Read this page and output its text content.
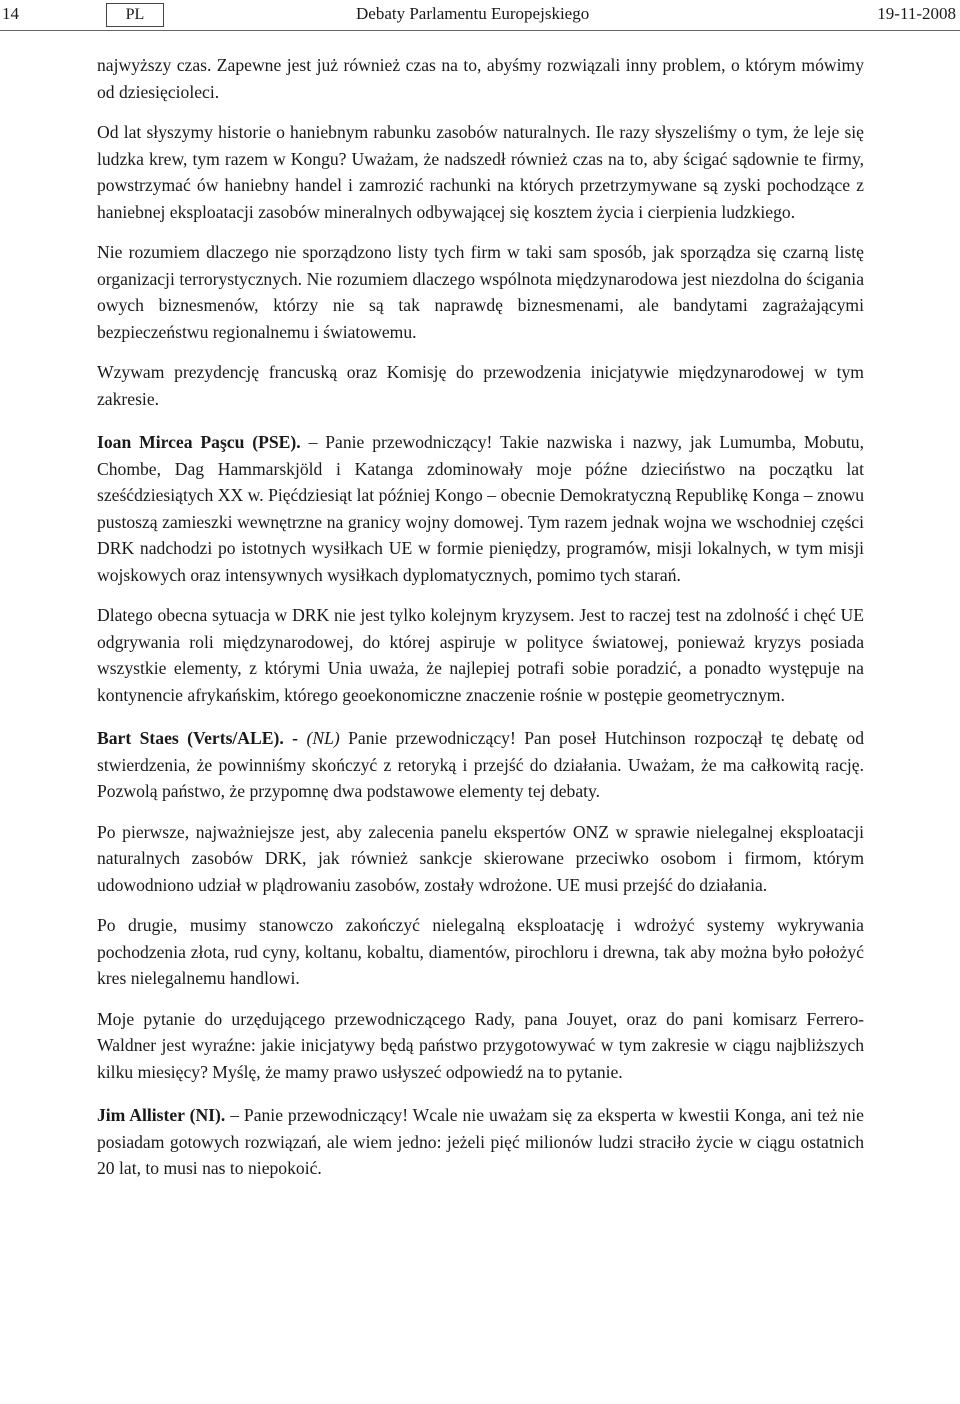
14	PL	Debaty Parlamentu Europejskiego	19-11-2008

najwyższy czas. Zapewne jest już również czas na to, abyśmy rozwiązali inny problem, o którym mówimy od dziesięcioleci.

Od lat słyszymy historie o haniebnym rabunku zasobów naturalnych. Ile razy słyszeliśmy o tym, że leje się ludzka krew, tym razem w Kongu? Uważam, że nadszedł również czas na to, aby ścigać sądownie te firmy, powstrzymać ów haniebny handel i zamrozić rachunki na których przetrzymywane są zyski pochodzące z haniebnej eksploatacji zasobów mineralnych odbywającej się kosztem życia i cierpienia ludzkiego.

Nie rozumiem dlaczego nie sporządzono listy tych firm w taki sam sposób, jak sporządza się czarną listę organizacji terrorystycznych. Nie rozumiem dlaczego wspólnota międzynarodowa jest niezdolna do ścigania owych biznesmenów, którzy nie są tak naprawdę biznesmenami, ale bandytami zagrażającymi bezpieczeństwu regionalnemu i światowemu.

Wzywam prezydencję francuską oraz Komisję do przewodzenia inicjatywie międzynarodowej w tym zakresie.

Ioan Mircea Paşcu (PSE). – Panie przewodniczący! Takie nazwiska i nazwy, jak Lumumba, Mobutu, Chombe, Dag Hammarskjöld i Katanga zdominowały moje późne dzieciństwo na początku lat sześćdziesiątych XX w. Pięćdziesiąt lat później Kongo – obecnie Demokratyczną Republikę Konga – znowu pustoszą zamieszki wewnętrzne na granicy wojny domowej. Tym razem jednak wojna we wschodniej części DRK nadchodzi po istotnych wysiłkach UE w formie pieniędzy, programów, misji lokalnych, w tym misji wojskowych oraz intensywnych wysiłkach dyplomatycznych, pomimo tych starań.

Dlatego obecna sytuacja w DRK nie jest tylko kolejnym kryzysem. Jest to raczej test na zdolność i chęć UE odgrywania roli międzynarodowej, do której aspiruje w polityce światowej, ponieważ kryzys posiada wszystkie elementy, z którymi Unia uważa, że najlepiej potrafi sobie poradzić, a ponadto występuje na kontynencie afrykańskim, którego geoekonomiczne znaczenie rośnie w postępie geometrycznym.

Bart Staes (Verts/ALE). - (NL) Panie przewodniczący! Pan poseł Hutchinson rozpoczął tę debatę od stwierdzenia, że powinniśmy skończyć z retoryką i przejść do działania. Uważam, że ma całkowitą rację. Pozwolą państwo, że przypomnę dwa podstawowe elementy tej debaty.

Po pierwsze, najważniejsze jest, aby zalecenia panelu ekspertów ONZ w sprawie nielegalnej eksploatacji naturalnych zasobów DRK, jak również sankcje skierowane przeciwko osobom i firmom, którym udowodniono udział w plądrowaniu zasobów, zostały wdrożone. UE musi przejść do działania.

Po drugie, musimy stanowczo zakończyć nielegalną eksploatację i wdrożyć systemy wykrywania pochodzenia złota, rud cyny, koltanu, kobaltu, diamentów, pirochloru i drewna, tak aby można było położyć kres nielegalnemu handlowi.

Moje pytanie do urzędującego przewodniczącego Rady, pana Jouyet, oraz do pani komisarz Ferrero-Waldner jest wyraźne: jakie inicjatywy będą państwo przygotowywać w tym zakresie w ciągu najbliższych kilku miesięcy? Myślę, że mamy prawo usłyszeć odpowiedź na to pytanie.

Jim Allister (NI). – Panie przewodniczący! Wcale nie uważam się za eksperta w kwestii Konga, ani też nie posiadam gotowych rozwiązań, ale wiem jedno: jeżeli pięć milionów ludzi straciło życie w ciągu ostatnich 20 lat, to musi nas to niepokoić.
